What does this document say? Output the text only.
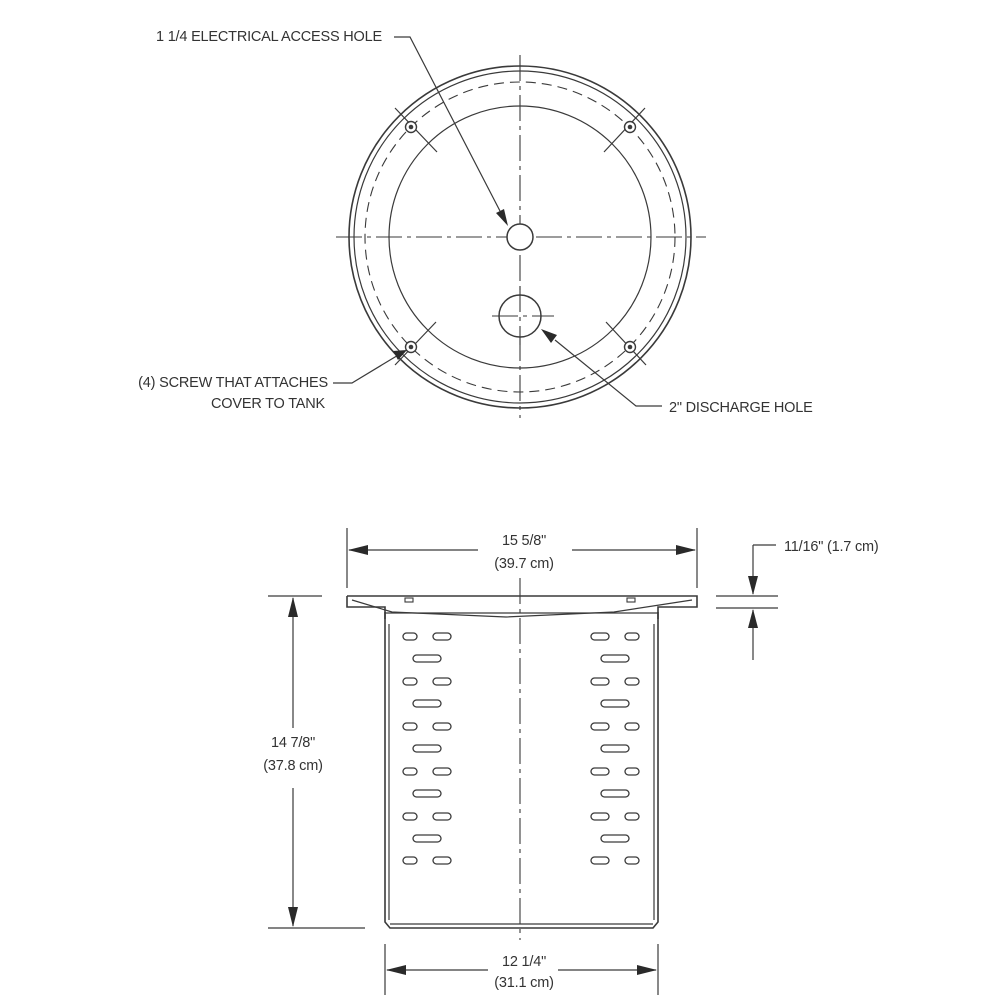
1 1/4 ELECTRICAL ACCESS HOLE
(4) SCREW THAT ATTACHES
COVER TO TANK	2" DISCHARGE HOLE
15 5/8"
(39.7 cm)
11/16" (1.7 cm)
14 7/8"
(37.8 cm)
12 1/4"
(31.1 cm)
